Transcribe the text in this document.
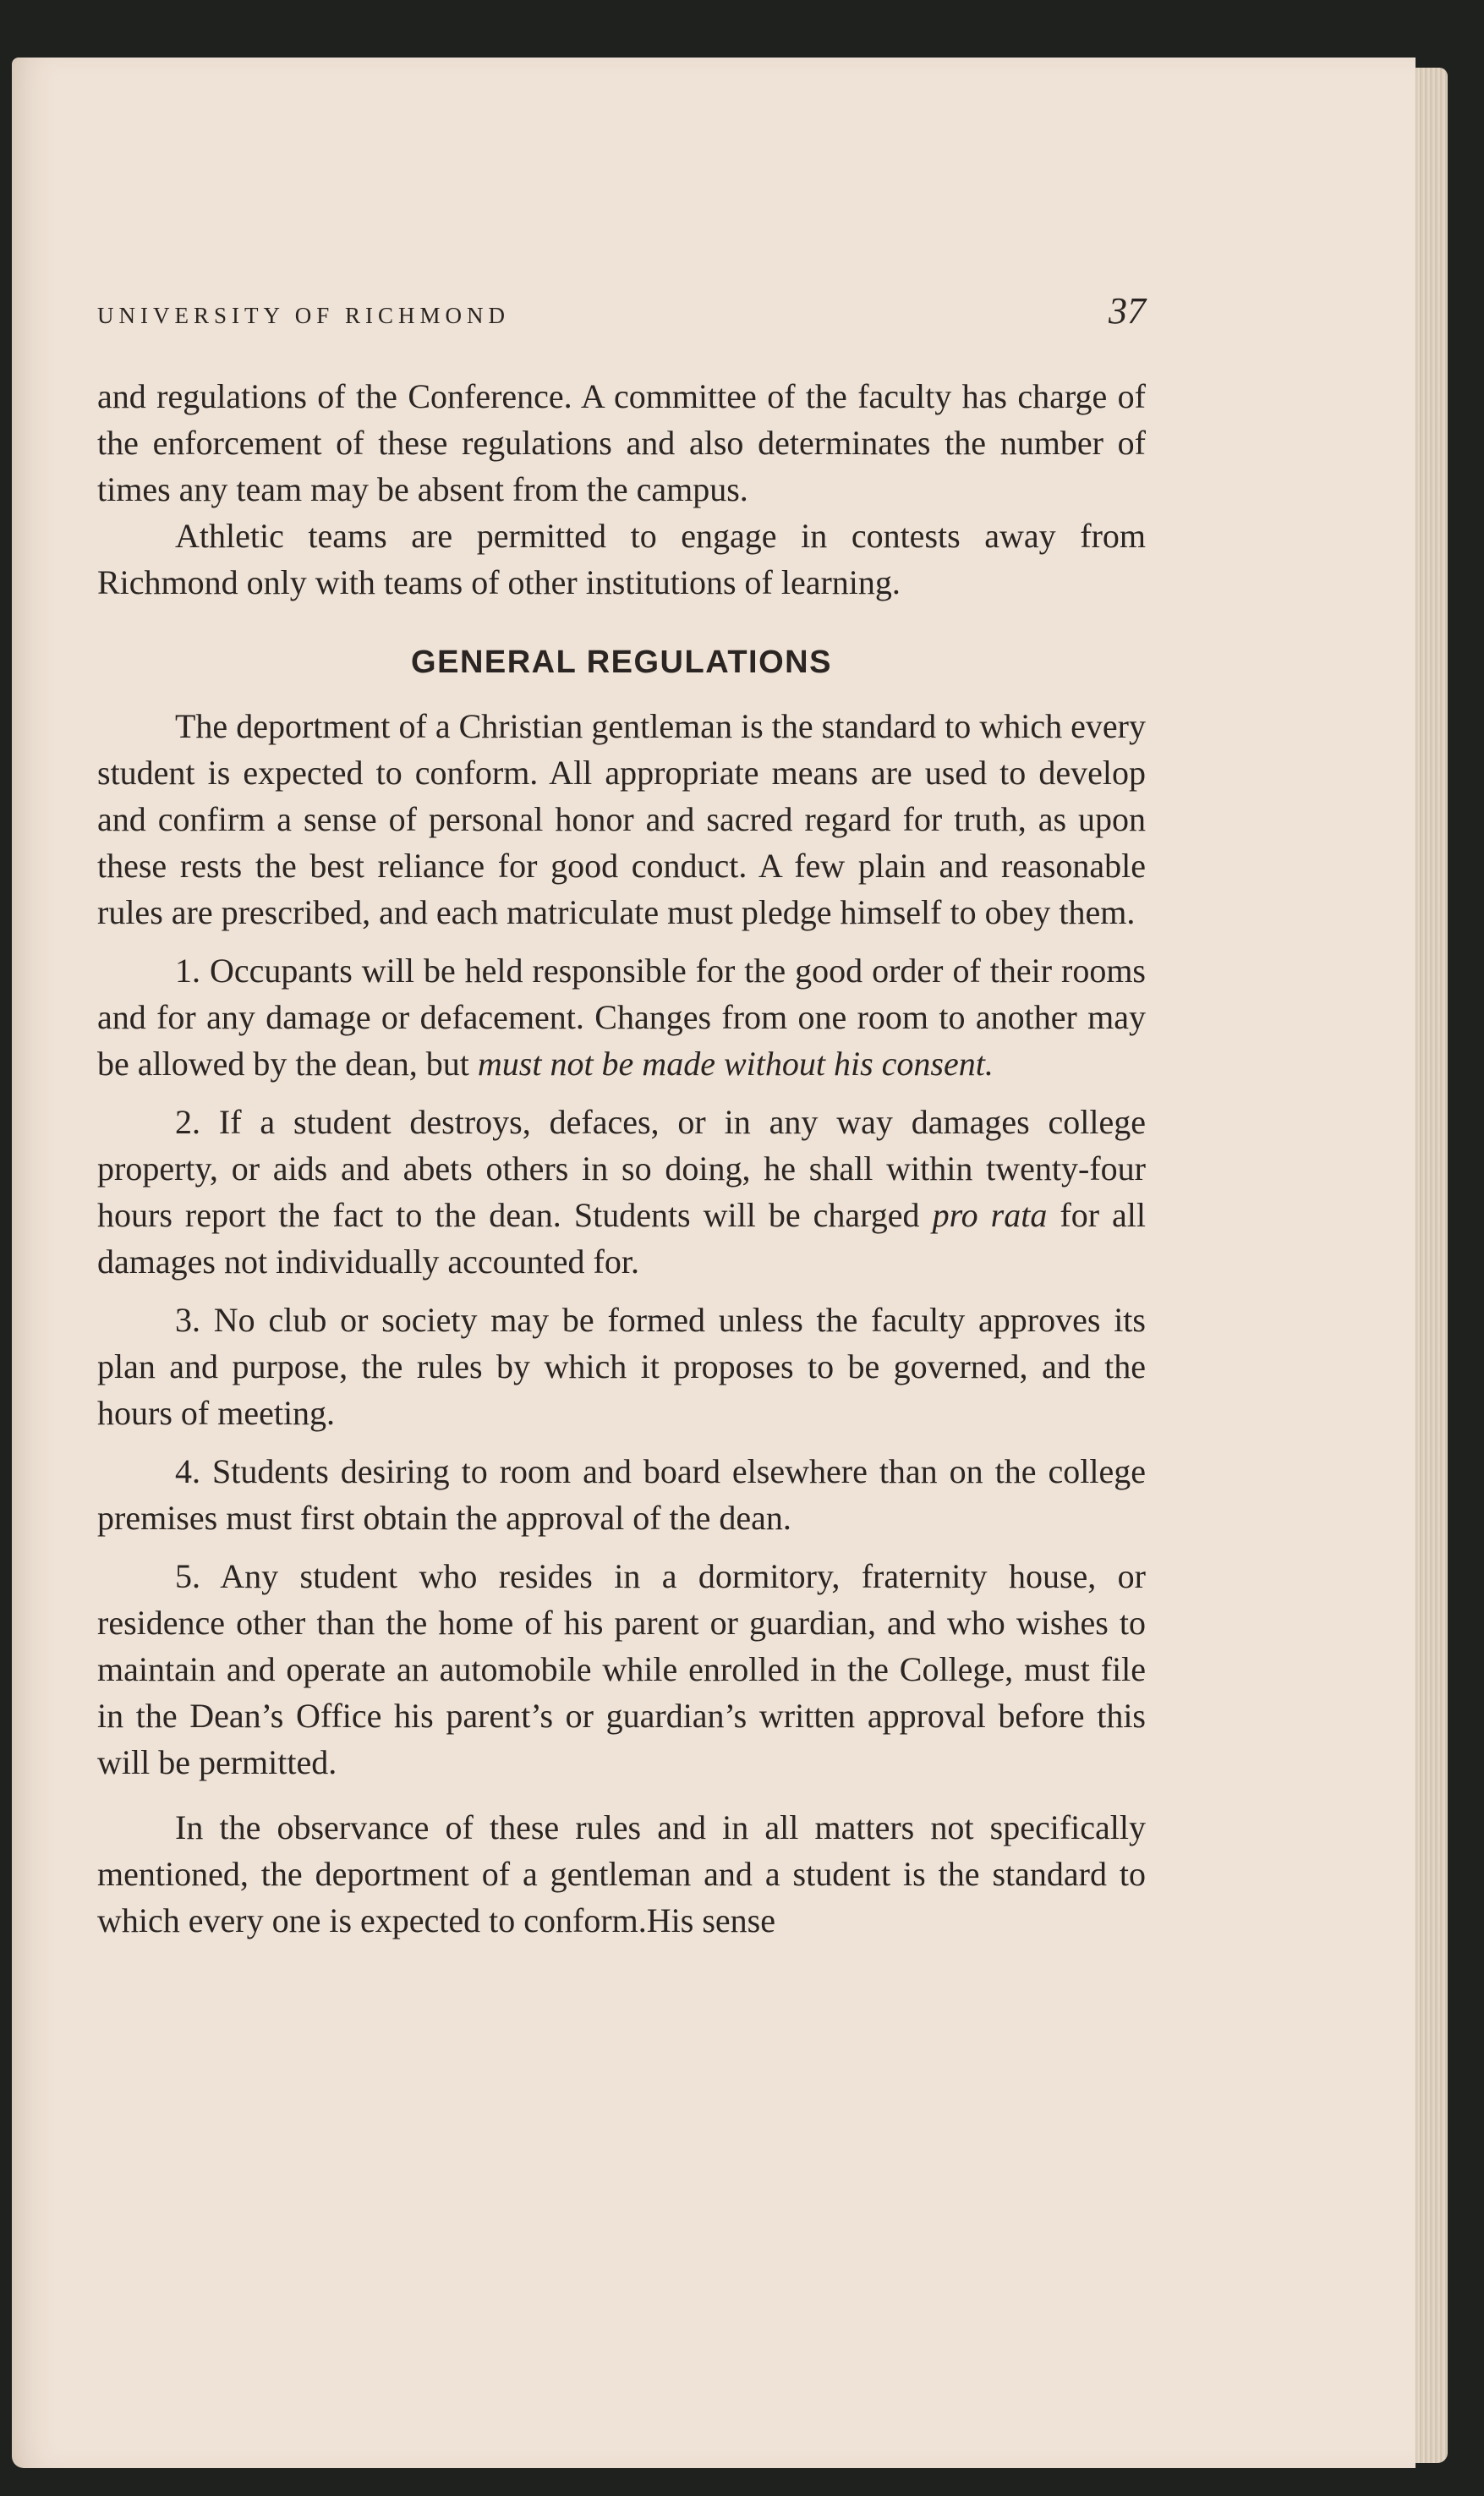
UNIVERSITY OF RICHMOND	37

and regulations of the Conference. A committee of the faculty has charge of the enforcement of these regulations and also determinates the number of times any team may be absent from the campus.

Athletic teams are permitted to engage in contests away from Richmond only with teams of other institutions of learning.

GENERAL REGULATIONS

The deportment of a Christian gentleman is the standard to which every student is expected to conform. All appropriate means are used to develop and confirm a sense of personal honor and sacred regard for truth, as upon these rests the best reliance for good conduct. A few plain and reasonable rules are prescribed, and each matriculate must pledge himself to obey them.

1. Occupants will be held responsible for the good order of their rooms and for any damage or defacement. Changes from one room to another may be allowed by the dean, but must not be made without his consent.

2. If a student destroys, defaces, or in any way damages college property, or aids and abets others in so doing, he shall within twenty-four hours report the fact to the dean. Students will be charged pro rata for all damages not individually accounted for.

3. No club or society may be formed unless the faculty approves its plan and purpose, the rules by which it proposes to be governed, and the hours of meeting.

4. Students desiring to room and board elsewhere than on the college premises must first obtain the approval of the dean.

5. Any student who resides in a dormitory, fraternity house, or residence other than the home of his parent or guardian, and who wishes to maintain and operate an automobile while enrolled in the College, must file in the Dean’s Office his parent’s or guardian’s written approval before this will be permitted.

In the observance of these rules and in all matters not specifically mentioned, the deportment of a gentleman and a student is the standard to which every one is expected to conform.His sense
